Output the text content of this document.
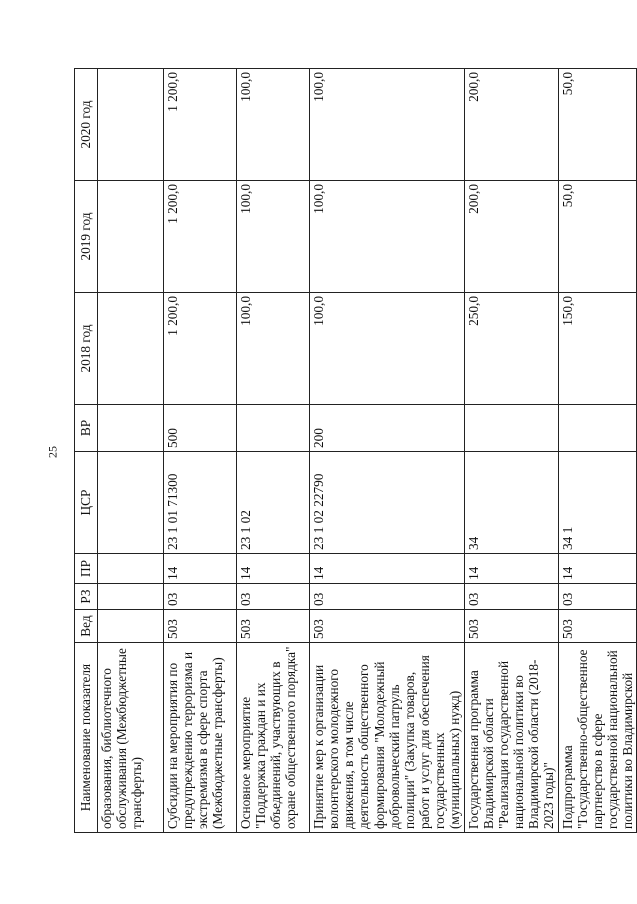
25
Наименование показателя	Вед	РЗ	ПР	ЦСР	ВР	2018 год	2019 год	2020 год
образования, библиотечного обслуживания (Межбюджетные трансферты)								
Субсидии на мероприятия по предупреждению терроризма и экстремизма в сфере спорта (Межбюджетные трансферты)	503	03	14	23 1 01 71300	500	1 200,0	1 200,0	1 200,0
Основное мероприятие "Поддержка граждан и их объединений, участвующих в охране общественного порядка"	503	03	14	23 1 02		100,0	100,0	100,0
Принятие мер к организации волонтерского молодежного движения, в том числе деятельность общественного формирования "Молодежный добровольческий патруль полиции" (Закупка товаров, работ и услуг для обеспечения государственных (муниципальных) нужд)	503	03	14	23 1 02 22790	200	100,0	100,0	100,0
Государственная программа Владимирской области "Реализация государственной национальной политики во Владимирской области (2018-2023 годы)"	503	03	14	34		250,0	200,0	200,0
Подпрограмма "Государственно-общественное партнерство в сфере государственной национальной политики во Владимирской	503	03	14	34 1		150,0	50,0	50,0
